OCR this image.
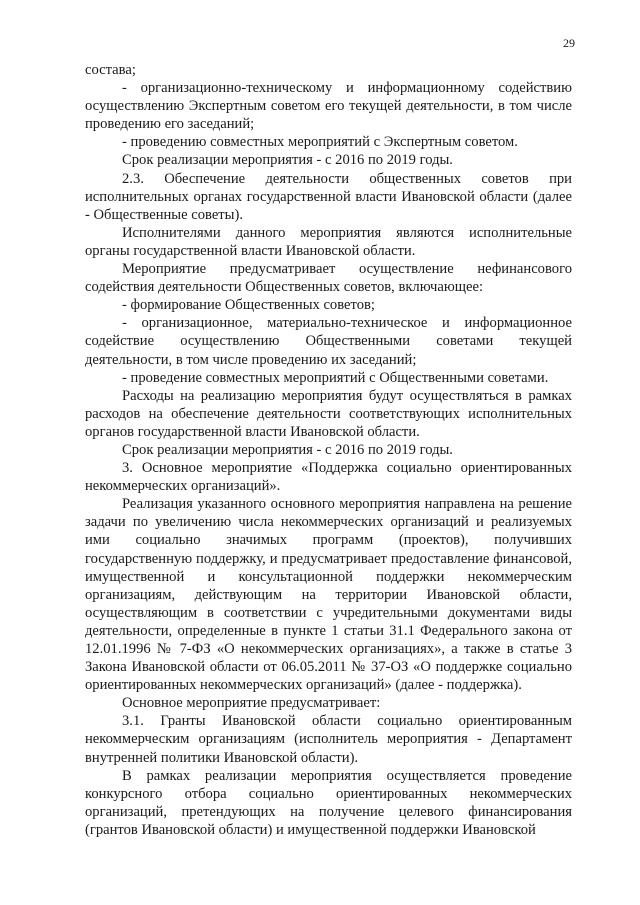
29

состава;

- организационно-техническому и информационному содействию осуществлению Экспертным советом его текущей деятельности, в том числе проведению его заседаний;

- проведению совместных мероприятий с Экспертным советом.

Срок реализации мероприятия - с 2016 по 2019 годы.

2.3. Обеспечение деятельности общественных советов при исполнительных органах государственной власти Ивановской области (далее - Общественные советы).

Исполнителями данного мероприятия являются исполнительные органы государственной власти Ивановской области.

Мероприятие предусматривает осуществление нефинансового содействия деятельности Общественных советов, включающее:

- формирование Общественных советов;

- организационное, материально-техническое и информационное содействие осуществлению Общественными советами текущей деятельности, в том числе проведению их заседаний;

- проведение совместных мероприятий с Общественными советами.

Расходы на реализацию мероприятия будут осуществляться в рамках расходов на обеспечение деятельности соответствующих исполнительных органов государственной власти Ивановской области.

Срок реализации мероприятия - с 2016 по 2019 годы.

3. Основное мероприятие «Поддержка социально ориентированных некоммерческих организаций».

Реализация указанного основного мероприятия направлена на решение задачи по увеличению числа некоммерческих организаций и реализуемых ими социально значимых программ (проектов), получивших государственную поддержку, и предусматривает предоставление финансовой, имущественной и консультационной поддержки некоммерческим организациям, действующим на территории Ивановской области, осуществляющим в соответствии с учредительными документами виды деятельности, определенные в пункте 1 статьи 31.1 Федерального закона от 12.01.1996 № 7-ФЗ «О некоммерческих организациях», а также в статье 3 Закона Ивановской области от 06.05.2011 № 37-ОЗ «О поддержке социально ориентированных некоммерческих организаций» (далее - поддержка).

Основное мероприятие предусматривает:

3.1. Гранты Ивановской области социально ориентированным некоммерческим организациям (исполнитель мероприятия - Департамент внутренней политики Ивановской области).

В рамках реализации мероприятия осуществляется проведение конкурсного отбора социально ориентированных некоммерческих организаций, претендующих на получение целевого финансирования (грантов Ивановской области) и имущественной поддержки Ивановской
